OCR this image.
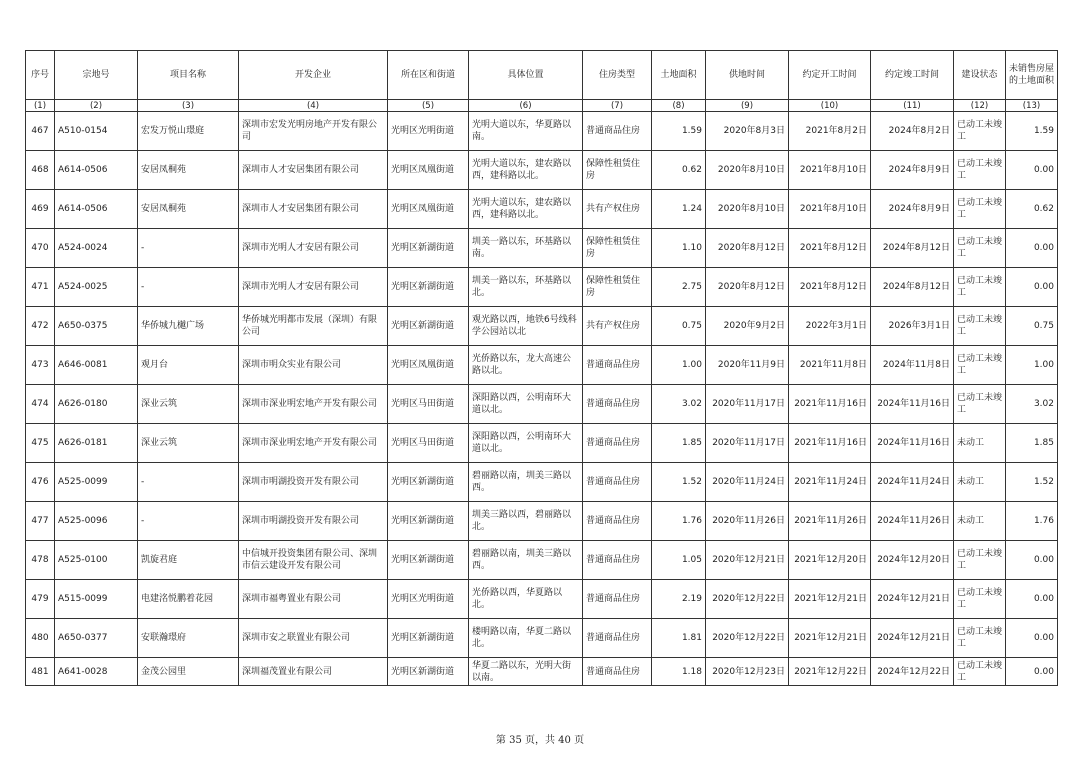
序号	宗地号	项目名称	开发企业	所在区和街道	具体位置	住房类型	土地面积	供地时间	约定开工时间	约定竣工时间	建设状态	未销售房屋的土地面积
(1)	(2)	(3)	(4)	(5)	(6)	(7)	(8)	(9)	(10)	(11)	(12)	(13)
467	A510-0154	宏发万悦山璟庭	深圳市宏发光明房地产开发有限公司	光明区光明街道	光明大道以东，华夏路以南。	普通商品住房	1.59	2020年8月3日	2021年8月2日	2024年8月2日	已动工未竣工	1.59
468	A614-0506	安居凤桐苑	深圳市人才安居集团有限公司	光明区凤凰街道	光明大道以东，建农路以西，建科路以北。	保障性租赁住房	0.62	2020年8月10日	2021年8月10日	2024年8月9日	已动工未竣工	0.00
469	A614-0506	安居凤桐苑	深圳市人才安居集团有限公司	光明区凤凰街道	光明大道以东，建农路以西，建科路以北。	共有产权住房	1.24	2020年8月10日	2021年8月10日	2024年8月9日	已动工未竣工	0.62
470	A524-0024	-	深圳市光明人才安居有限公司	光明区新湖街道	圳美一路以东，环基路以南。	保障性租赁住房	1.10	2020年8月12日	2021年8月12日	2024年8月12日	已动工未竣工	0.00
471	A524-0025	-	深圳市光明人才安居有限公司	光明区新湖街道	圳美一路以东，环基路以北。	保障性租赁住房	2.75	2020年8月12日	2021年8月12日	2024年8月12日	已动工未竣工	0.00
472	A650-0375	华侨城九樾广场	华侨城光明都市发展（深圳）有限公司	光明区新湖街道	观光路以西，地铁6号线科学公园站以北	共有产权住房	0.75	2020年9月2日	2022年3月1日	2026年3月1日	已动工未竣工	0.75
473	A646-0081	观月台	深圳市明众实业有限公司	光明区凤凰街道	光侨路以东，龙大高速公路以北。	普通商品住房	1.00	2020年11月9日	2021年11月8日	2024年11月8日	已动工未竣工	1.00
474	A626-0180	深业云筑	深圳市深业明宏地产开发有限公司	光明区马田街道	深阳路以西，公明南环大道以北。	普通商品住房	3.02	2020年11月17日	2021年11月16日	2024年11月16日	已动工未竣工	3.02
475	A626-0181	深业云筑	深圳市深业明宏地产开发有限公司	光明区马田街道	深阳路以西，公明南环大道以北。	普通商品住房	1.85	2020年11月17日	2021年11月16日	2024年11月16日	未动工	1.85
476	A525-0099	-	深圳市明湖投资开发有限公司	光明区新湖街道	碧丽路以南，圳美三路以西。	普通商品住房	1.52	2020年11月24日	2021年11月24日	2024年11月24日	未动工	1.52
477	A525-0096	-	深圳市明湖投资开发有限公司	光明区新湖街道	圳美三路以西，碧丽路以北。	普通商品住房	1.76	2020年11月26日	2021年11月26日	2024年11月26日	未动工	1.76
478	A525-0100	凯旋君庭	中信城开投资集团有限公司、深圳市信云建设开发有限公司	光明区新湖街道	碧丽路以南，圳美三路以西。	普通商品住房	1.05	2020年12月21日	2021年12月20日	2024年12月20日	已动工未竣工	0.00
479	A515-0099	电建洺悦鹏着花园	深圳市福粤置业有限公司	光明区光明街道	光侨路以西，华夏路以北。	普通商品住房	2.19	2020年12月22日	2021年12月21日	2024年12月21日	已动工未竣工	0.00
480	A650-0377	安联瀚璟府	深圳市安之联置业有限公司	光明区新湖街道	楼明路以南，华夏二路以北。	普通商品住房	1.81	2020年12月22日	2021年12月21日	2024年12月21日	已动工未竣工	0.00
481	A641-0028	金茂公园里	深圳福茂置业有限公司	光明区新湖街道	华夏二路以东，光明大街以南。	普通商品住房	1.18	2020年12月23日	2021年12月22日	2024年12月22日	已动工未竣工	0.00
第 35 页，共 40 页
